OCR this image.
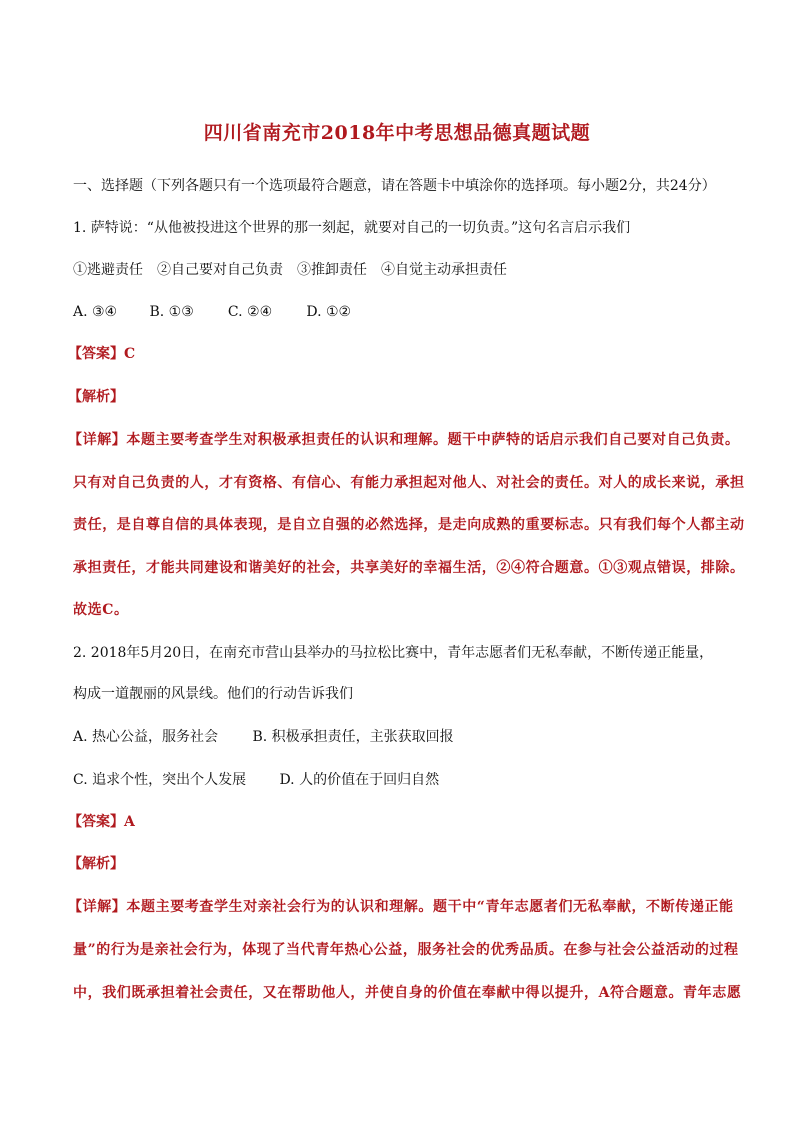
四川省南充市2018年中考思想品德真题试题
一、选择题（下列各题只有一个选项最符合题意，请在答题卡中填涂你的选择项。每小题2分，共24分）
1. 萨特说：“从他被投进这个世界的那一刻起，就要对自己的一切负责。”这句名言启示我们
①逃避责任　②自己要对自己负责　③推卸责任　④自觉主动承担责任
A. ③④ B. ①③ C. ②④ D. ①②
【答案】C
【解析】
【详解】本题主要考查学生对积极承担责任的认识和理解。题干中萨特的话启示我们自己要对自己负责。
只有对自己负责的人，才有资格、有信心、有能力承担起对他人、对社会的责任。对人的成长来说，承担
责任，是自尊自信的具体表现，是自立自强的必然选择，是走向成熟的重要标志。只有我们每个人都主动
承担责任，才能共同建设和谐美好的社会，共享美好的幸福生活，②④符合题意。①③观点错误，排除。
故选C。
2. 2018年5月20日，在南充市营山县举办的马拉松比赛中，青年志愿者们无私奉献，不断传递正能量，
构成一道靓丽的风景线。他们的行动告诉我们
A. 热心公益，服务社会 B. 积极承担责任，主张获取回报
C. 追求个性，突出个人发展 D. 人的价值在于回归自然
【答案】A
【解析】
【详解】本题主要考查学生对亲社会行为的认识和理解。题干中“青年志愿者们无私奉献，不断传递正能
量”的行为是亲社会行为，体现了当代青年热心公益，服务社会的优秀品质。在参与社会公益活动的过程
中，我们既承担着社会责任，又在帮助他人，并使自身的价值在奉献中得以提升，A符合题意。青年志愿
